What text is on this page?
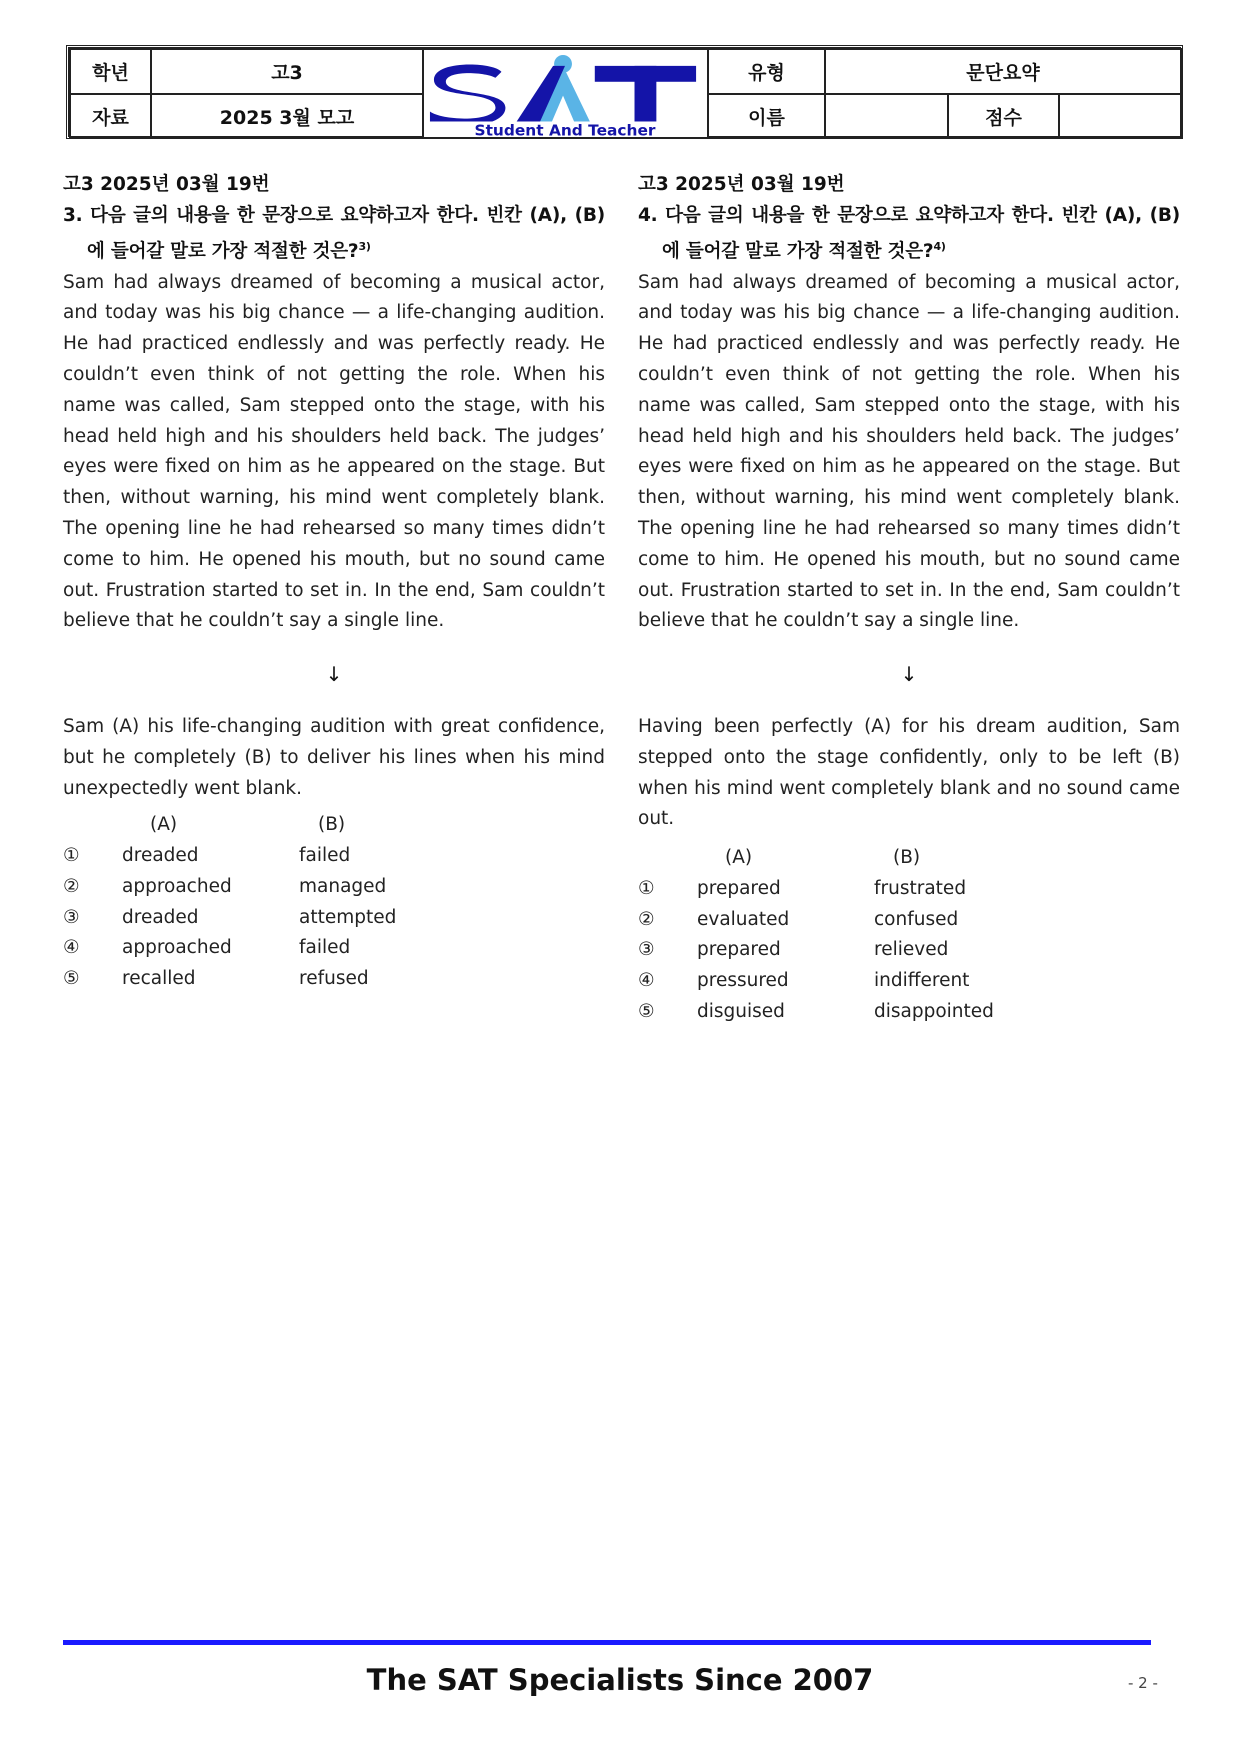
학년	고3	Student And Teacher	유형	문단요약		
자료	2025 3월 모고		이름		점수	

고3 2025년 03월 19번

3. 다음 글의 내용을 한 문장으로 요약하고자 한다. 빈칸 (A), (B)에 들어갈 말로 가장 적절한 것은?$^{3)}$

Sam had always dreamed of becoming a musical actor, and today was his big chance — a life-changing audition. He had practiced endlessly and was perfectly ready. He couldn’t even think of not getting the role. When his name was called, Sam stepped onto the stage, with his head held high and his shoulders held back. The judges’ eyes were fixed on him as he appeared on the stage. But then, without warning, his mind went completely blank. The opening line he had rehearsed so many times didn’t come to him. He opened his mouth, but no sound came out. Frustration started to set in. In the end, Sam couldn’t believe that he couldn’t say a single line.

↓

Sam (A) his life-changing audition with great confidence, but he completely (B) to deliver his lines when his mind unexpectedly went blank.

(A)	(B)
①	dreaded	failed
②	approached	managed
③	dreaded	attempted
④	approached	failed
⑤	recalled	refused

고3 2025년 03월 19번

4. 다음 글의 내용을 한 문장으로 요약하고자 한다. 빈칸 (A), (B)에 들어갈 말로 가장 적절한 것은?$^{4)}$

Sam had always dreamed of becoming a musical actor, and today was his big chance — a life-changing audition. He had practiced endlessly and was perfectly ready. He couldn’t even think of not getting the role. When his name was called, Sam stepped onto the stage, with his head held high and his shoulders held back. The judges’ eyes were fixed on him as he appeared on the stage. But then, without warning, his mind went completely blank. The opening line he had rehearsed so many times didn’t come to him. He opened his mouth, but no sound came out. Frustration started to set in. In the end, Sam couldn’t believe that he couldn’t say a single line.

↓

Having been perfectly (A) for his dream audition, Sam stepped onto the stage confidently, only to be left (B) when his mind went completely blank and no sound came out.

(A)	(B)
①	prepared	frustrated
②	evaluated	confused
③	prepared	relieved
④	pressured	indifferent
⑤	disguised	disappointed
The SAT Specialists Since 2007	- 2 -
